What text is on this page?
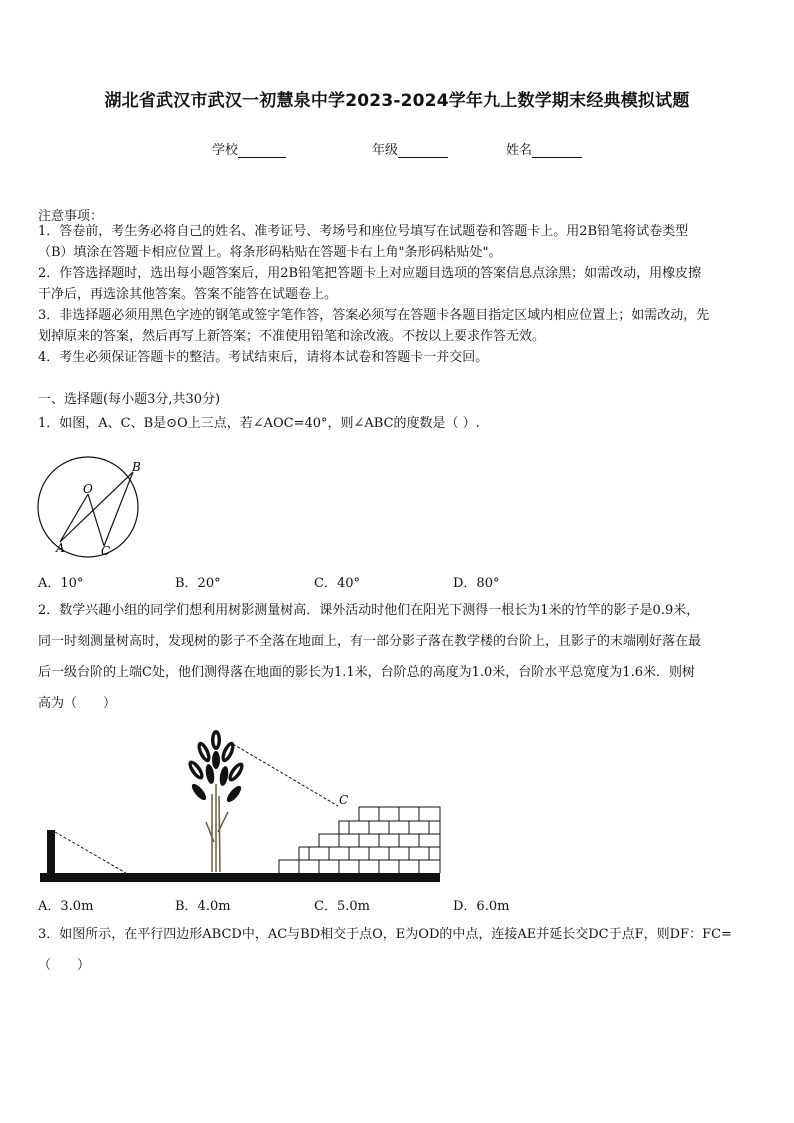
湖北省武汉市武汉一初慧泉中学2023-2024学年九上数学期末经典模拟试题
学校	年级	姓名
注意事项：
1．答卷前，考生务必将自己的姓名、准考证号、考场号和座位号填写在试题卷和答题卡上。用2B铅笔将试卷类型
（B）填涂在答题卡相应位置上。将条形码粘贴在答题卡右上角"条形码粘贴处"。
2．作答选择题时，选出每小题答案后，用2B铅笔把答题卡上对应题目选项的答案信息点涂黑；如需改动，用橡皮擦
干净后，再选涂其他答案。答案不能答在试题卷上。
3．非选择题必须用黑色字迹的钢笔或签字笔作答，答案必须写在答题卡各题目指定区域内相应位置上；如需改动，先
划掉原来的答案，然后再写上新答案；不准使用铅笔和涂改液。不按以上要求作答无效。
4．考生必须保证答题卡的整洁。考试结束后，请将本试卷和答题卡一并交回。
一、选择题(每小题3分,共30分)
1．如图，A、C、B是⊙O上三点，若∠AOC=40°，则∠ABC的度数是（ ）.
O
B
A	C
A．10°	B．20°	C．40°	D．80°
2．数学兴趣小组的同学们想利用树影测量树高．课外活动时他们在阳光下测得一根长为1米的竹竿的影子是0.9米，
同一时刻测量树高时，发现树的影子不全落在地面上，有一部分影子落在教学楼的台阶上，且影子的末端刚好落在最
后一级台阶的上端C处，他们测得落在地面的影长为1.1米，台阶总的高度为1.0米，台阶水平总宽度为1.6米．则树
高为（　　）
C
A．3.0m	B．4.0m	C．5.0m	D．6.0m
3．如图所示，在平行四边形ABCD中，AC与BD相交于点O，E为OD的中点，连接AE并延长交DC于点F，则DF：FC=
（　　）
